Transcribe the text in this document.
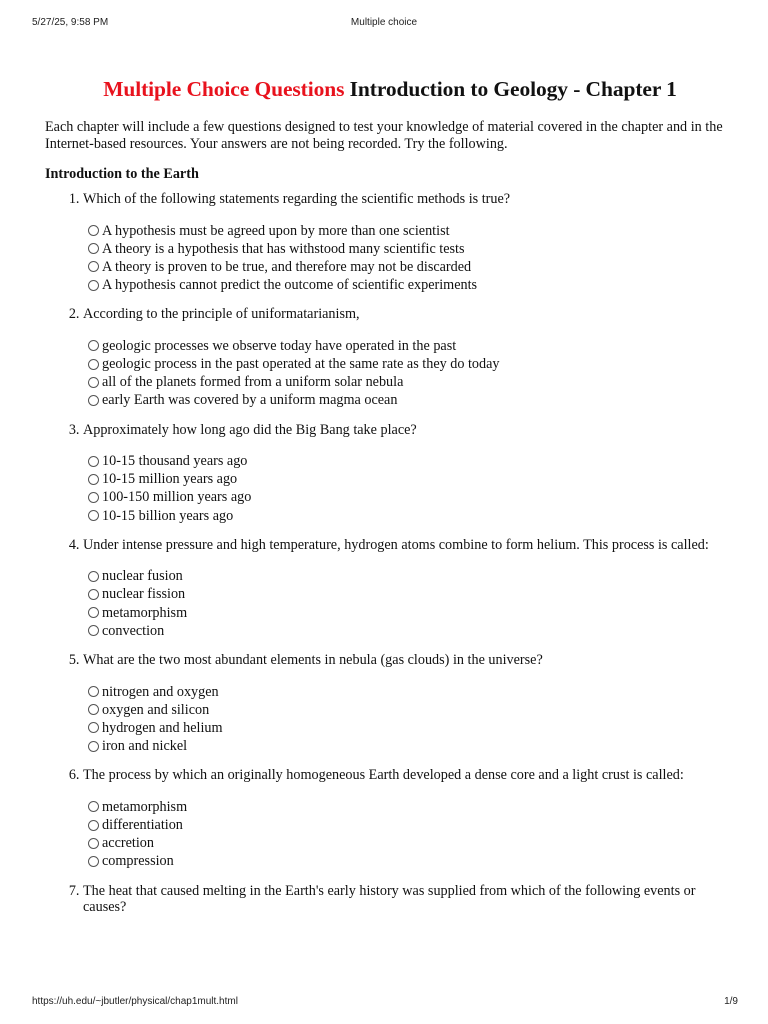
5/27/25, 9:58 PM	Multiple choice
Multiple Choice Questions Introduction to Geology - Chapter 1

Each chapter will include a few questions designed to test your knowledge of material covered in the chapter and in the Internet-based resources. Your answers are not being recorded. Try the following.

Introduction to the Earth

1. Which of the following statements regarding the scientific methods is true?
A hypothesis must be agreed upon by more than one scientist
A theory is a hypothesis that has withstood many scientific tests
A theory is proven to be true, and therefore may not be discarded
A hypothesis cannot predict the outcome of scientific experiments
2. According to the principle of uniformatarianism,
geologic processes we observe today have operated in the past
geologic process in the past operated at the same rate as they do today
all of the planets formed from a uniform solar nebula
early Earth was covered by a uniform magma ocean
3. Approximately how long ago did the Big Bang take place?
10-15 thousand years ago
10-15 million years ago
100-150 million years ago
10-15 billion years ago
4. Under intense pressure and high temperature, hydrogen atoms combine to form helium. This process is called:
nuclear fusion
nuclear fission
metamorphism
convection
5. What are the two most abundant elements in nebula (gas clouds) in the universe?
nitrogen and oxygen
oxygen and silicon
hydrogen and helium
iron and nickel
6. The process by which an originally homogeneous Earth developed a dense core and a light crust is called:
metamorphism
differentiation
accretion
compression
7. The heat that caused melting in the Earth's early history was supplied from which of the following events or causes?
https://uh.edu/~jbutler/physical/chap1mult.html	1/9
